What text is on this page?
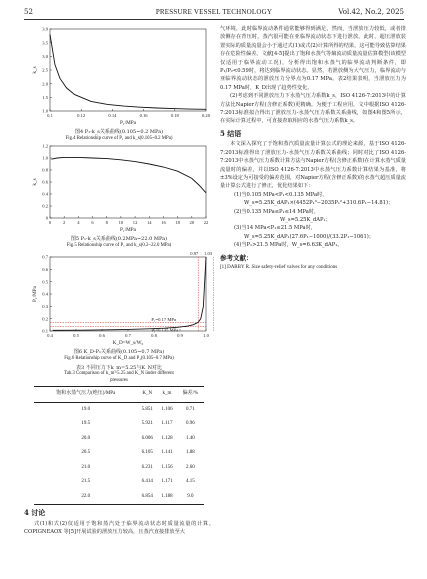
52	PRESSURE VESSEL TECHNOLOGY	Vol.42, No.2, 2025
0.1	0.12	0.14	0.16	0.18	0.20
1.0
1.5
2.0
2.5
3.0
3.5
3.9
P₁/MPa
k_s
图4 P₁-k_s关系曲线(0.105~0.2 MPa)
Fig.4 Relationship curve of P₁ and k_s(0.105~0.2 MPa)
0	2	4	6	8 10 12 14 16 18 20 22
0
0.2
0.4
0.6
0.8
1.0
1.2
P₁/MPa
k_s
图5 P₁-k_s关系曲线(0.2MPa~22.0 MPa)
Fig.5 Relationship curve of P₁ and k_s(0.2~22.0 MPa)
0.4	0.5	0.6	0.7	0.8	0.9	1.0
0.1
0.2
0.3
0.4
0.5
0.6
0.7
K_D=W_s/W₀
P₁/MPa
0.97 1.03
P₁=0.17 MPa
P₁=0.135 MPa
图6 K_D-P₁关系曲线(0.105~0.7 MPa)
Fig.6 Relationship curve of K_D and P₁(0.105~0.7 MPa)
表3 不同压力下k_m=5.25与K_N对比
Tab.3 Comparison of k_m=5.25 and K_N under different
pressures
饱和水蒸气压力(绝压)/MPa	K_N	k_m	偏差/%

19.0	5.851	1.106	0.71
19.5	5.921	1.117	0.96
20.0	6.006	1.128	1.40
20.5	6.105	1.141	1.88
21.0	6.231	1.156	2.60
21.5	6.414	1.171	4.15
22.0	6.854	1.188	9.0
4 讨论

式(1)和式(2)仅适用于饱和蒸汽处于临界流动状态时质量流量的计算。COPIGNEAOX 等[5]开展试验的泄放压力较高，且蒸汽直接排放至大

气环境，此时临界流动条件通常能够得到满足，然而，当泄放压力较低，或者排放侧存在背压时，蒸汽很可能在亚临界流动状态下进行泄放。此时，超压泄放装置实际的质量流量会小于通过式(1)或式(2)计算所得的结果，这可能导致估算结果存在危险性偏差。文献[4-5]提出了饱和水蒸气等熵流动质量流量估算模型(该模型仅适用于临界流动工况)，分析得出饱和水蒸气的临界流动判断条件，即P₁/P₂<0.59时，将达到临界流动状态。显然，若泄放侧为大气压力，临界流动与亚临界流动状态的泄放压力分界点为0.17 MPa。表2结果表明，当泄放压力为0.17 MPa时，K_D出现了趋势性变化。

(2)考虑到不同泄放压力下水蒸气压力系数k_s，ISO 4126-7:2013中的计算方法比Napier方程(含修正系数)更精确。为便于工程应用，文中根据ISO 4126-7:2013标准拟合得出了泄放压力-水蒸气压力系数关系曲线，如图4和图5所示，在实际计算过程中，可直接查取相应的水蒸气压力系数k_s。

5 结语

本文深入探究了于饱和蒸汽质量流量计算公式的理论来源，基于ISO 4126-7:2013标准得出了泄放压力-水蒸气压力系数关系曲线；同时对比了ISO 4126-7:2013中水蒸气压力系数计算方法与Napier方程(含修正系数)在计算水蒸气质量流量时的偏差，并以ISO 4126-7:2013中水蒸气压力系数计算结果为基准，将±3%设定为可接受的偏差范围，对Napier方程(含修正系数)的水蒸气超压质量流量计算公式进行了修正，优化结果如下：

(1)当0.105 MPa<P₁<0.135 MPa时，

W_s=5.25K_dAP₁×(4452P₁³−2035P₁²+310.6P₁−14.81)；

(2)当0.135 MPa≤P₁≤14 MPa时，

W_s=5.25K_dAP₁；

(3)当14 MPa<P₁≤21.5 MPa时，

W_s=5.25K_dAP₁(27.6P₁−1000)/(33.2P₁−1061)；

(4)当P₁>21.5 MPa时，W_s=6.63K_dAP₁。

参考文献：

[1] DARBY R. Size safety-relief valves for any conditions
